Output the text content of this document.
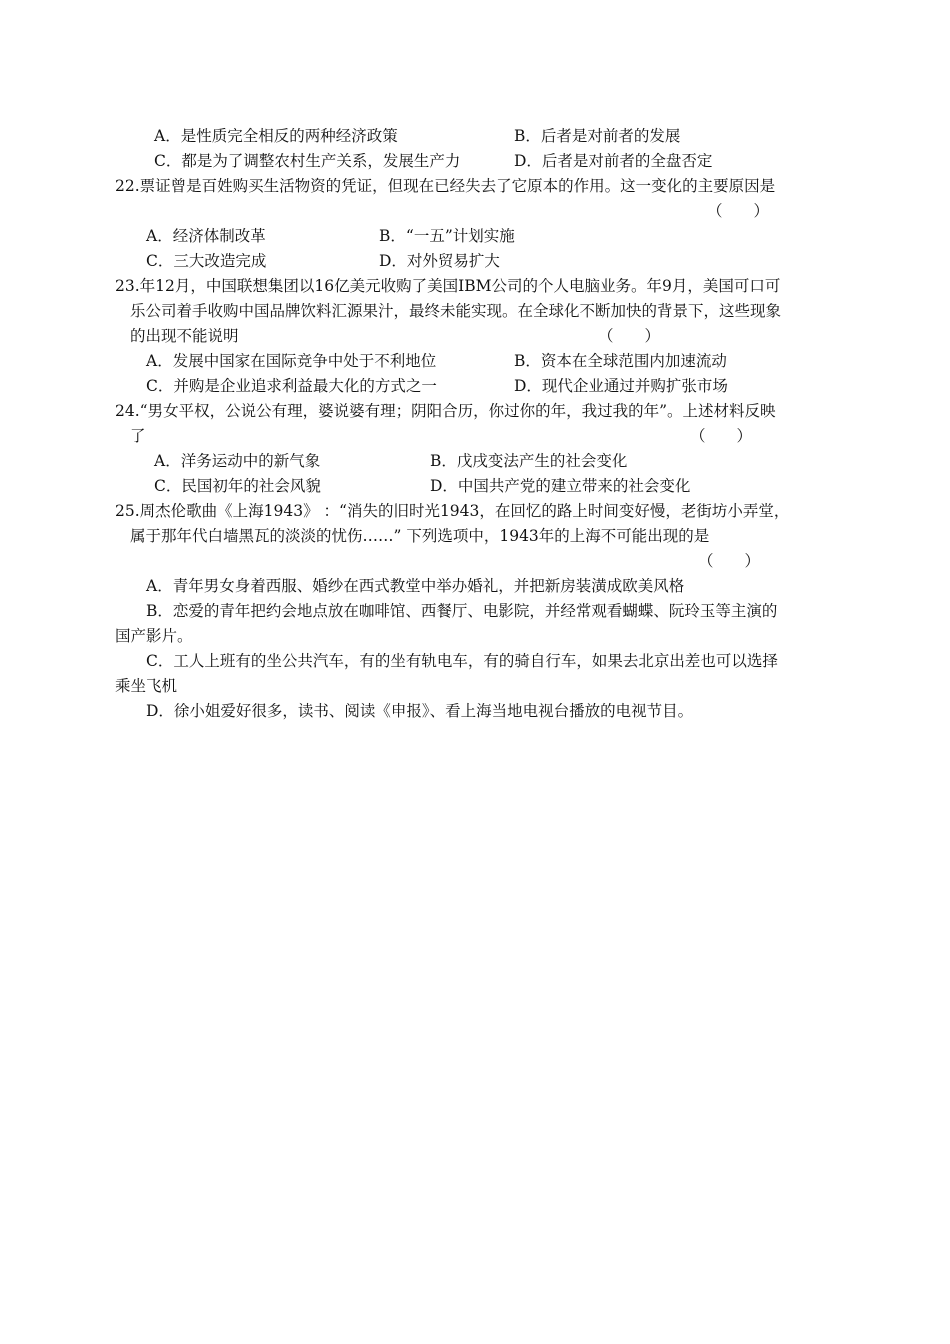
A．是性质完全相反的两种经济政策	B．后者是对前者的发展
C．都是为了调整农村生产关系，发展生产力	D．后者是对前者的全盘否定
22.票证曾是百姓购买生活物资的凭证，但现在已经失去了它原本的作用。这一变化的主要原因是
（　　）
A．经济体制改革	B．“一五”计划实施
C．三大改造完成	D．对外贸易扩大
23.年12月，中国联想集团以16亿美元收购了美国IBM公司的个人电脑业务。年9月，美国可口可
乐公司着手收购中国品牌饮料汇源果汁，最终未能实现。在全球化不断加快的背景下，这些现象
的出现不能说明	（　　）
A．发展中国家在国际竞争中处于不利地位	B．资本在全球范围内加速流动
C．并购是企业追求利益最大化的方式之一	D．现代企业通过并购扩张市场
24.“男女平权，公说公有理，婆说婆有理；阴阳合历，你过你的年，我过我的年”。上述材料反映
了	（　　）
A．洋务运动中的新气象	B．戊戌变法产生的社会变化
C．民国初年的社会风貌	D．中国共产党的建立带来的社会变化
25.周杰伦歌曲《上海1943》 ：“消失的旧时光1943，在回忆的路上时间变好慢，老街坊小弄堂，
属于那年代白墙黑瓦的淡淡的忧伤……” 下列选项中，1943年的上海不可能出现的是
（　　）
A．青年男女身着西服、婚纱在西式教堂中举办婚礼，并把新房装潢成欧美风格
B．恋爱的青年把约会地点放在咖啡馆、西餐厅、电影院，并经常观看蝴蝶、阮玲玉等主演的
国产影片。
C．工人上班有的坐公共汽车，有的坐有轨电车，有的骑自行车，如果去北京出差也可以选择
乘坐飞机
D．徐小姐爱好很多，读书、阅读《申报》、看上海当地电视台播放的电视节目。
